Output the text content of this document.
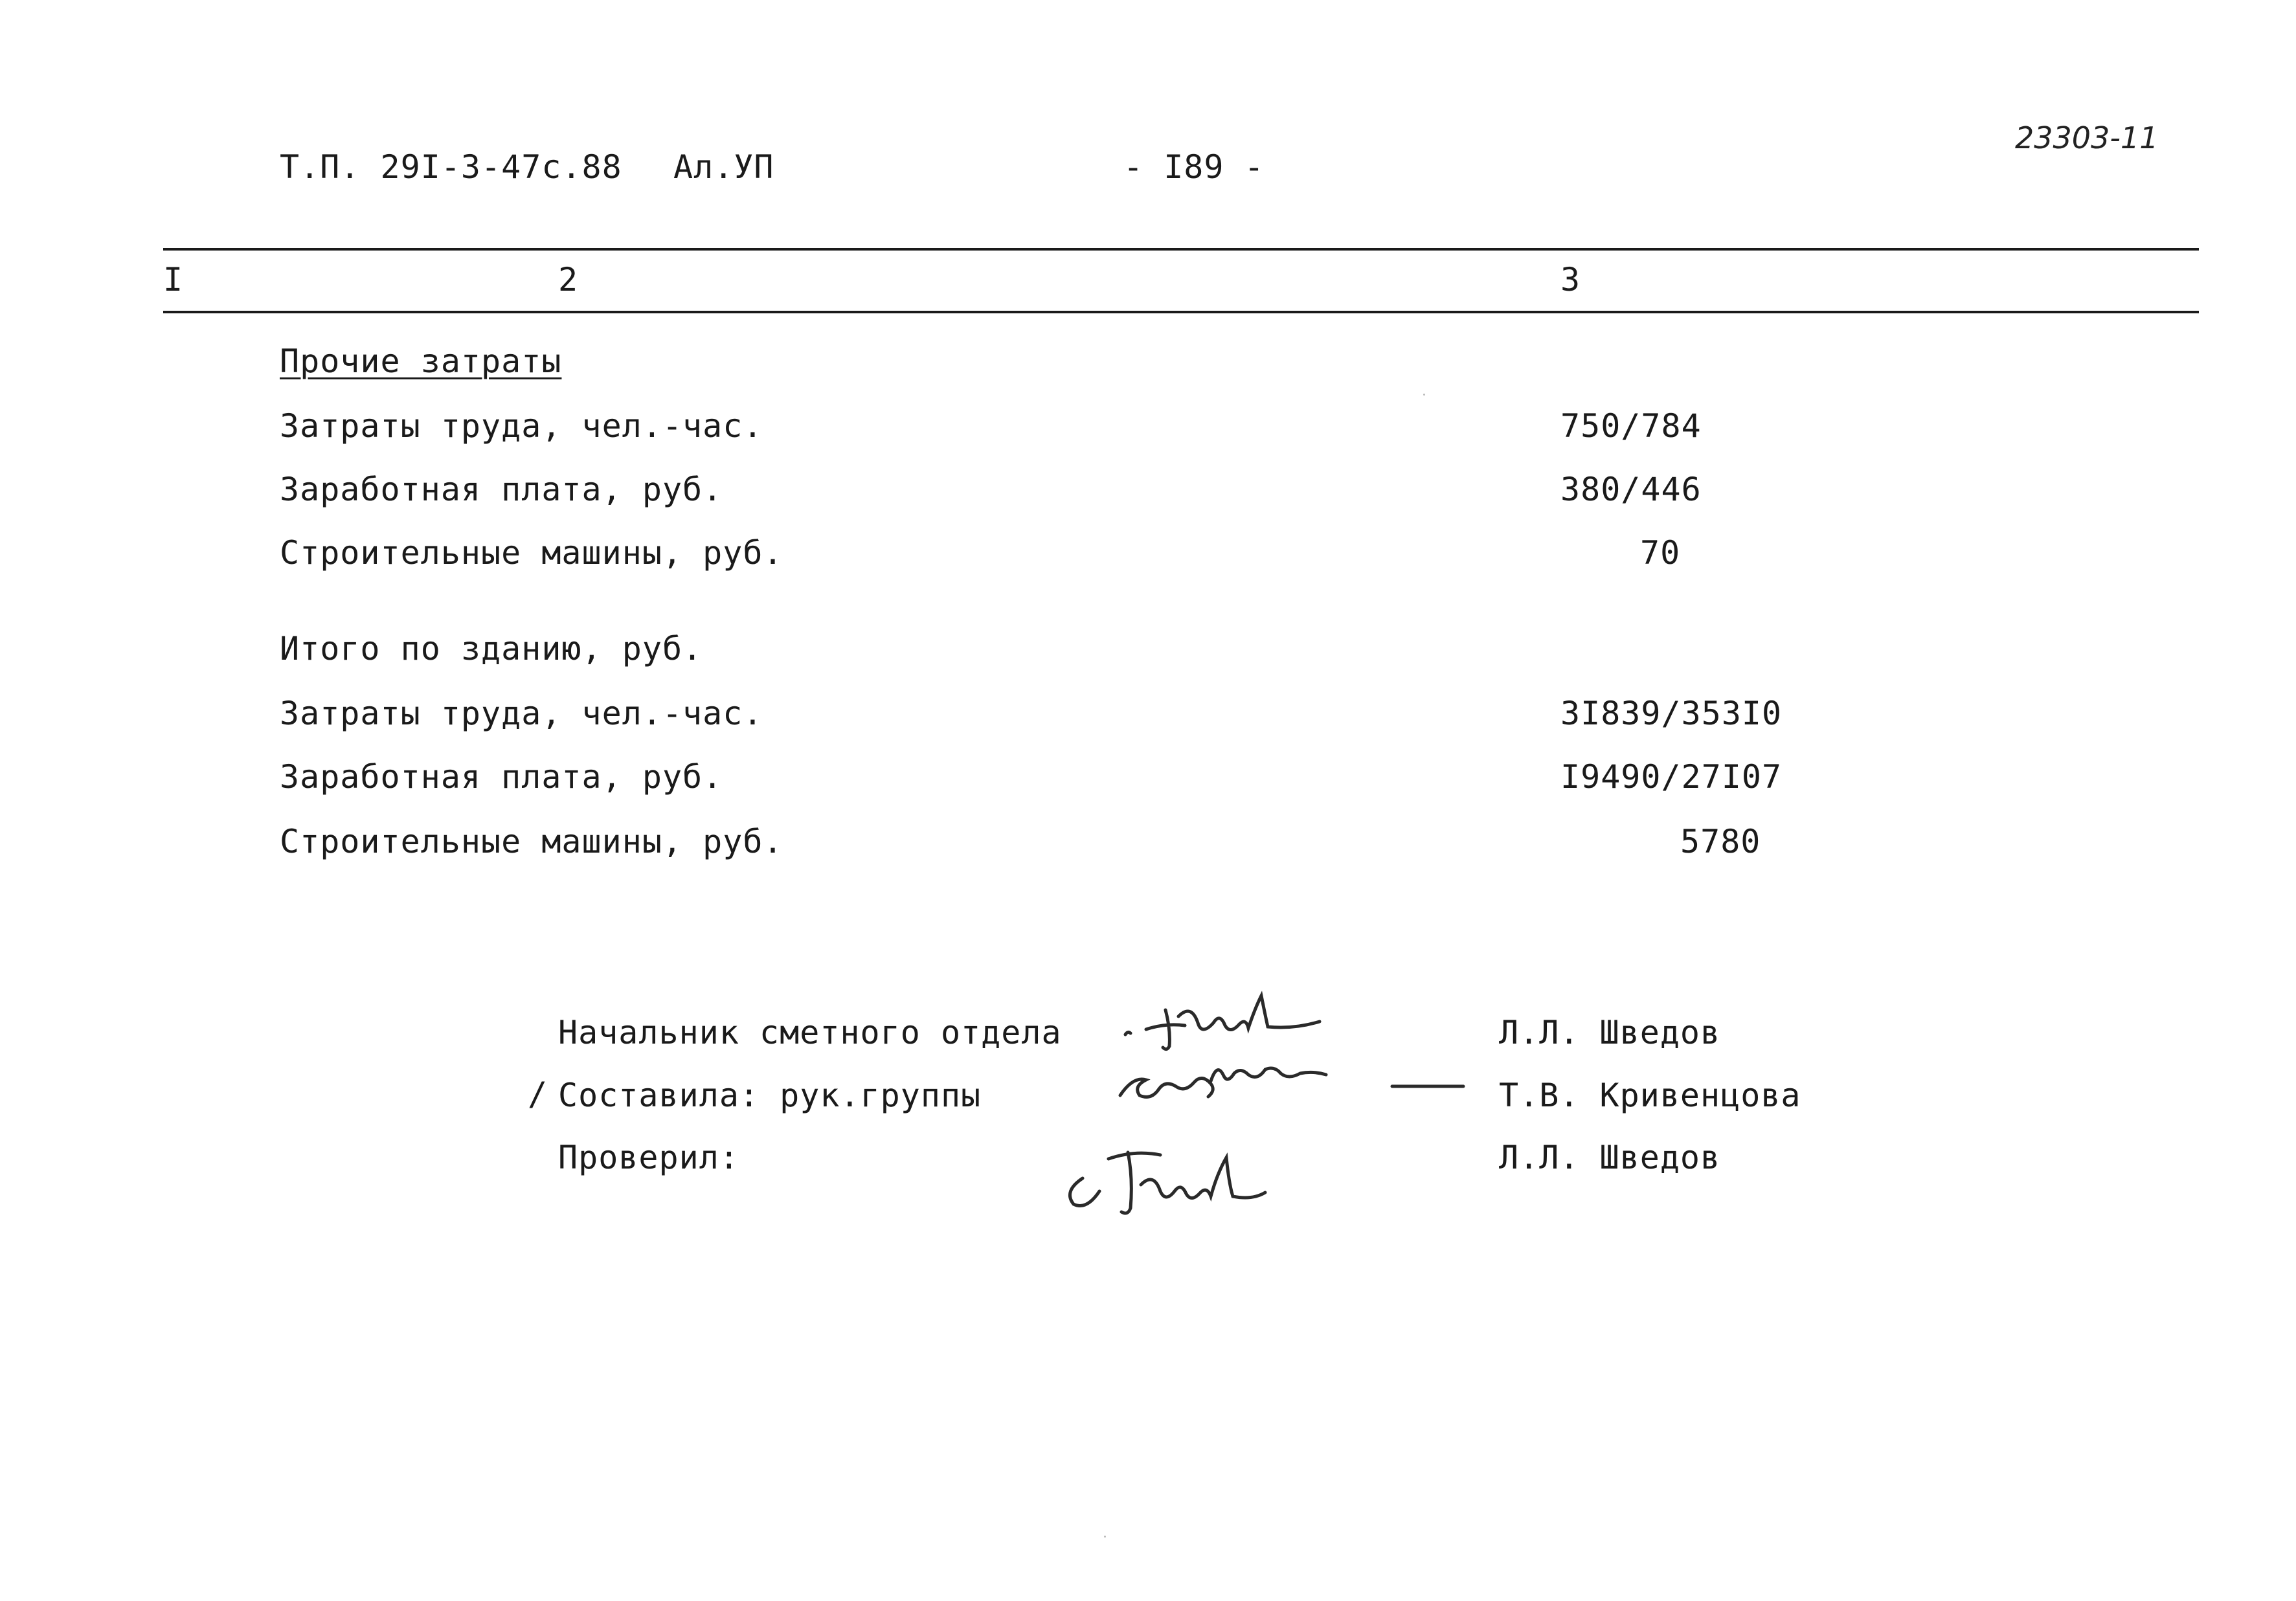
Т.П. 29I-3-47с.88 Ал.УП	- I89 -
23303-11
I	2	3
Прочие затраты
Затраты труда, чел.-час.	750/784
Заработная плата, руб.	380/446
Строительные машины, руб.	70
Итого по зданию, руб.
Затраты труда, чел.-час.	3I839/353I0
Заработная плата, руб.	I9490/27I07
Строительные машины, руб.	5780
Начальник сметного отдела	Л.Л. Шведов
/ Составила: рук.группы	Т.В. Кривенцова
Проверил:	Л.Л. Шведов
